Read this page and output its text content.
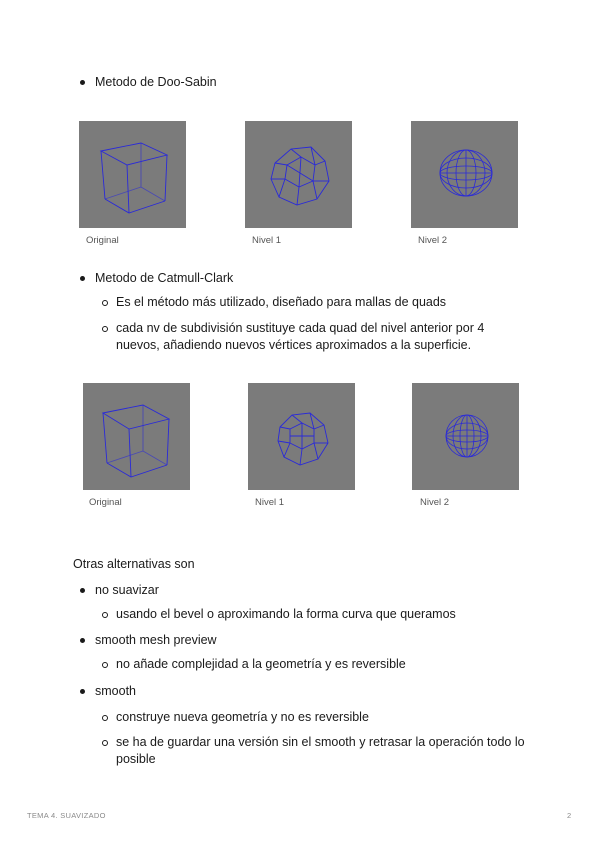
Metodo de Doo-Sabin
Original	Nivel 1	Nivel 2
Metodo de Catmull-Clark
Es el método más utilizado, diseñado para mallas de quads
cada nv de subdivisión sustituye cada quad del nivel anterior por 4 nuevos, añadiendo nuevos vértices aproximados a la superficie.
Original	Nivel 1	Nivel 2
Otras alternativas son
no suavizar
usando el bevel o aproximando la forma curva que queramos
smooth mesh preview
no añade complejidad a la geometría y es reversible
smooth
construye nueva geometría y no es reversible
se ha de guardar una versión sin el smooth y retrasar la operación todo lo posible
TEMA 4. SUAVIZADO	2
